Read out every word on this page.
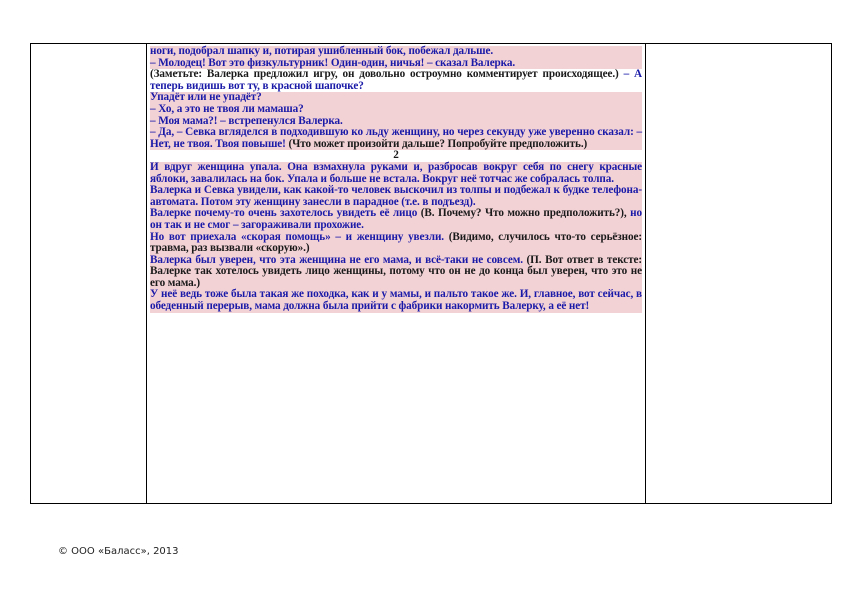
ноги, подобрал шапку и, потирая ушибленный бок, побежал дальше.

– Молодец! Вот это физкультурник! Один-один, ничья! – сказал Валерка.

(Заметьте: Валерка предложил игру, он довольно остроумно комментирует происходящее.) – А теперь видишь вот ту, в красной шапочке?

Упадёт или не упадёт?

– Хо, а это не твоя ли мамаша?

– Моя мама?! – встрепенулся Валерка.

– Да, – Севка вгляделся в подходившую ко льду женщину, но через секунду уже уверенно сказал: – Нет, не твоя. Твоя повыше! (Что может произойти дальше? Попробуйте предположить.)

2

И вдруг женщина упала. Она взмахнула руками и, разбросав вокруг себя по снегу красные яблоки, завалилась на бок. Упала и больше не встала. Вокруг неё тотчас же собралась толпа.

Валерка и Севка увидели, как какой-то человек выскочил из толпы и подбежал к будке телефона-автомата. Потом эту женщину занесли в парадное (т.е. в подъезд).

Валерке почему-то очень захотелось увидеть её лицо (В. Почему? Что можно предположить?), но он так и не смог – загораживали прохожие.

Но вот приехала «скорая помощь» – и женщину увезли. (Видимо, случилось что-то серьёзное: травма, раз вызвали «скорую».)

Валерка был уверен, что эта женщина не его мама, и всё-таки не совсем. (П. Вот ответ в тексте: Валерке так хотелось увидеть лицо женщины, потому что он не до конца был уверен, что это не его мама.)

У неё ведь тоже была такая же походка, как и у мамы, и пальто такое же. И, главное, вот сейчас, в обеденный перерыв, мама должна была прийти с фабрики накормить Валерку, а её нет!

© ООО «Баласс», 2013
